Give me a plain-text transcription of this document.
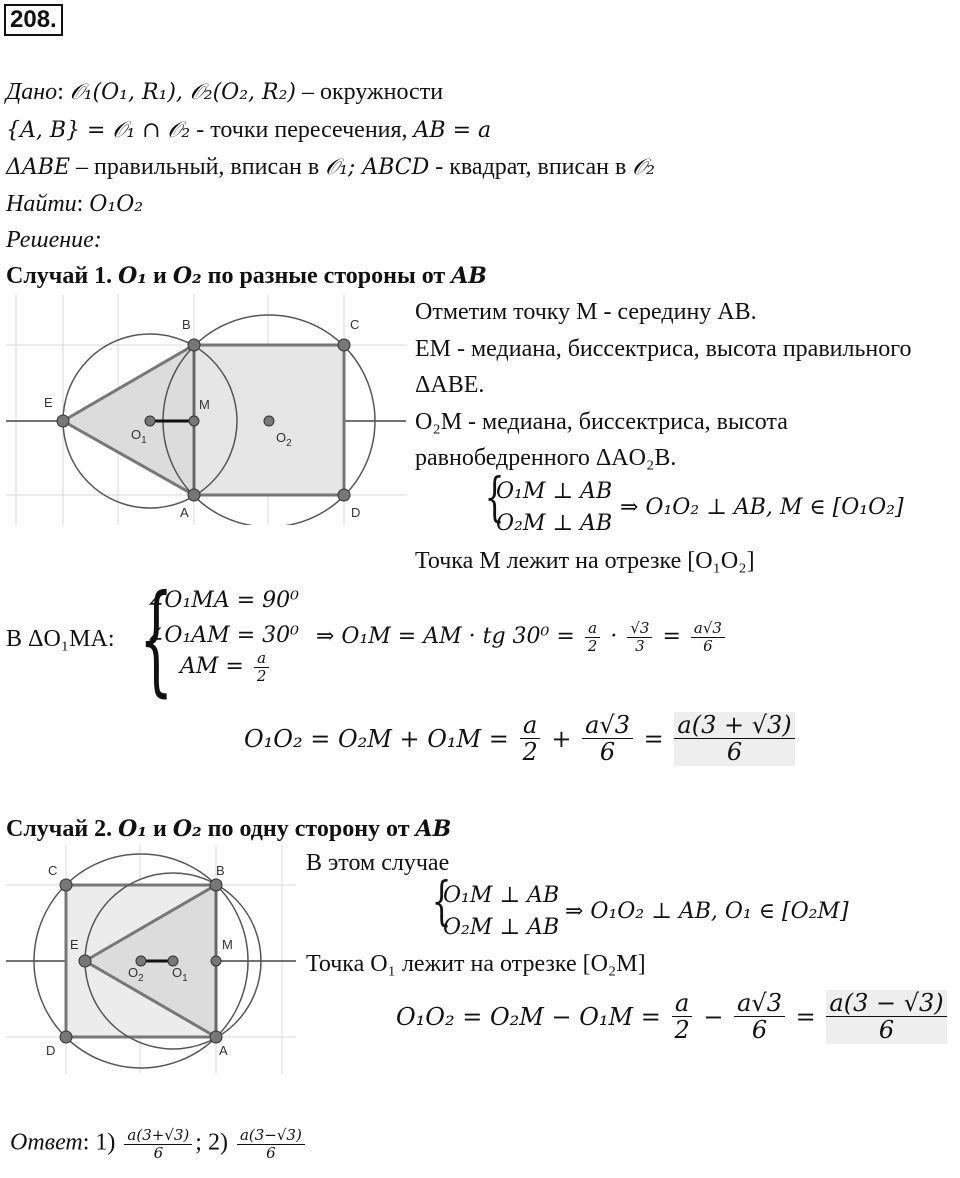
208.
Дано: 𝒪₁(O₁, R₁), 𝒪₂(O₂, R₂) – окружности
{A, B} = 𝒪₁ ∩ 𝒪₂ - точки пересечения, AB = a
ΔABE – правильный, вписан в 𝒪₁; ABCD - квадрат, вписан в 𝒪₂
Найти: O₁O₂
Решение:
Случай 1. O₁ и O₂ по разные стороны от AB
B	C
E	M
$O_1$	$O_2$
A	D
Отметим точку M - середину AB.
EM - медиана, биссектриса, высота правильного
ΔABE.
O₂M - медиана, биссектриса, высота
равнобедренного ΔAO₂B.
{
O₁M ⊥ AB
O₂M ⊥ AB
⇒ O₁O₂ ⊥ AB, M ∈ [O₁O₂]
Точка M лежит на отрезке [O₁O₂]
В ΔO₁MA: {
∠O₁MA = 90⁰
∠O₁AM = 30⁰
AM = $\frac{a}{2}$
⇒ O₁M = AM · tg $30^0 = \frac{a}{2} \cdot \frac{√3}{3} = \frac{a√3}{6}$
$O_1O_2 = O_2M + O_1M = \frac{a}{2} + \frac{a√3}{6} = \frac{a(3 + √3)}{6}$
Случай 2. O₁ и O₂ по одну сторону от AB
C	B
E	M
$O_2$ $O_1$
D	A
В этом случае
{
O₁M ⊥ AB
O₂M ⊥ AB
⇒ O₁O₂ ⊥ AB, O₁ ∈ [O₂M]
Точка O₁ лежит на отрезке [O₂M]
$O_1O_2 = O_2M - O_1M = \frac{a}{2} - \frac{a√3}{6} = \frac{a(3 - √3)}{6}$
Ответ: $1) \frac{a(3+√3)}{6}$ ; $2) \frac{a(3-√3)}{6}$
